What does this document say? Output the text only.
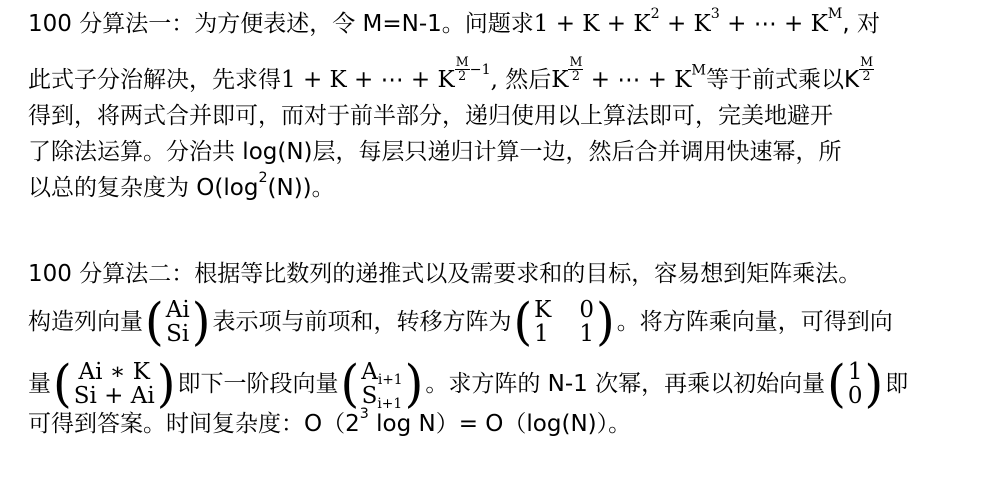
100 分算法一：为方便表述，令 M=N-1。问题求$1 + K + K^2 + K^3$ + ⋯ + $K^M$, 对
此式子分治解决，先求得1 + K + ⋯ + K $\frac{M}{2} ^{-1}$, 然后K $\frac{M}{2}$ + ⋯ + $K^M$等于前式乘以K $\frac{M}{2}$
得到，将两式合并即可，而对于前半部分，递归使用以上算法即可，完美地避开
了除法运算。分治共 log(N)层，每层只递归计算一边，然后合并调用快速幂，所
以总的复杂度为 $O(\log^2(N))$。
100 分算法二：根据等比数列的递推式以及需要求和的目标，容易想到矩阵乘法。
构造列向量 ( Ai
Si ) 表示项与前项和，转移方阵为 ( K 0
1 1 ) 。将方阵乘向量，可得到向
量 ( Ai ∗ K
Si + Ai ) 即下一阶段向量 ( $A_{i+1}$
$S_{i+1}$ ) 。求方阵的 N-1 次幂，再乘以初始向量 ( 1
0 ) 即
可得到答案。时间复杂度：$O(2^3$ log N）= O（log(N)）。
